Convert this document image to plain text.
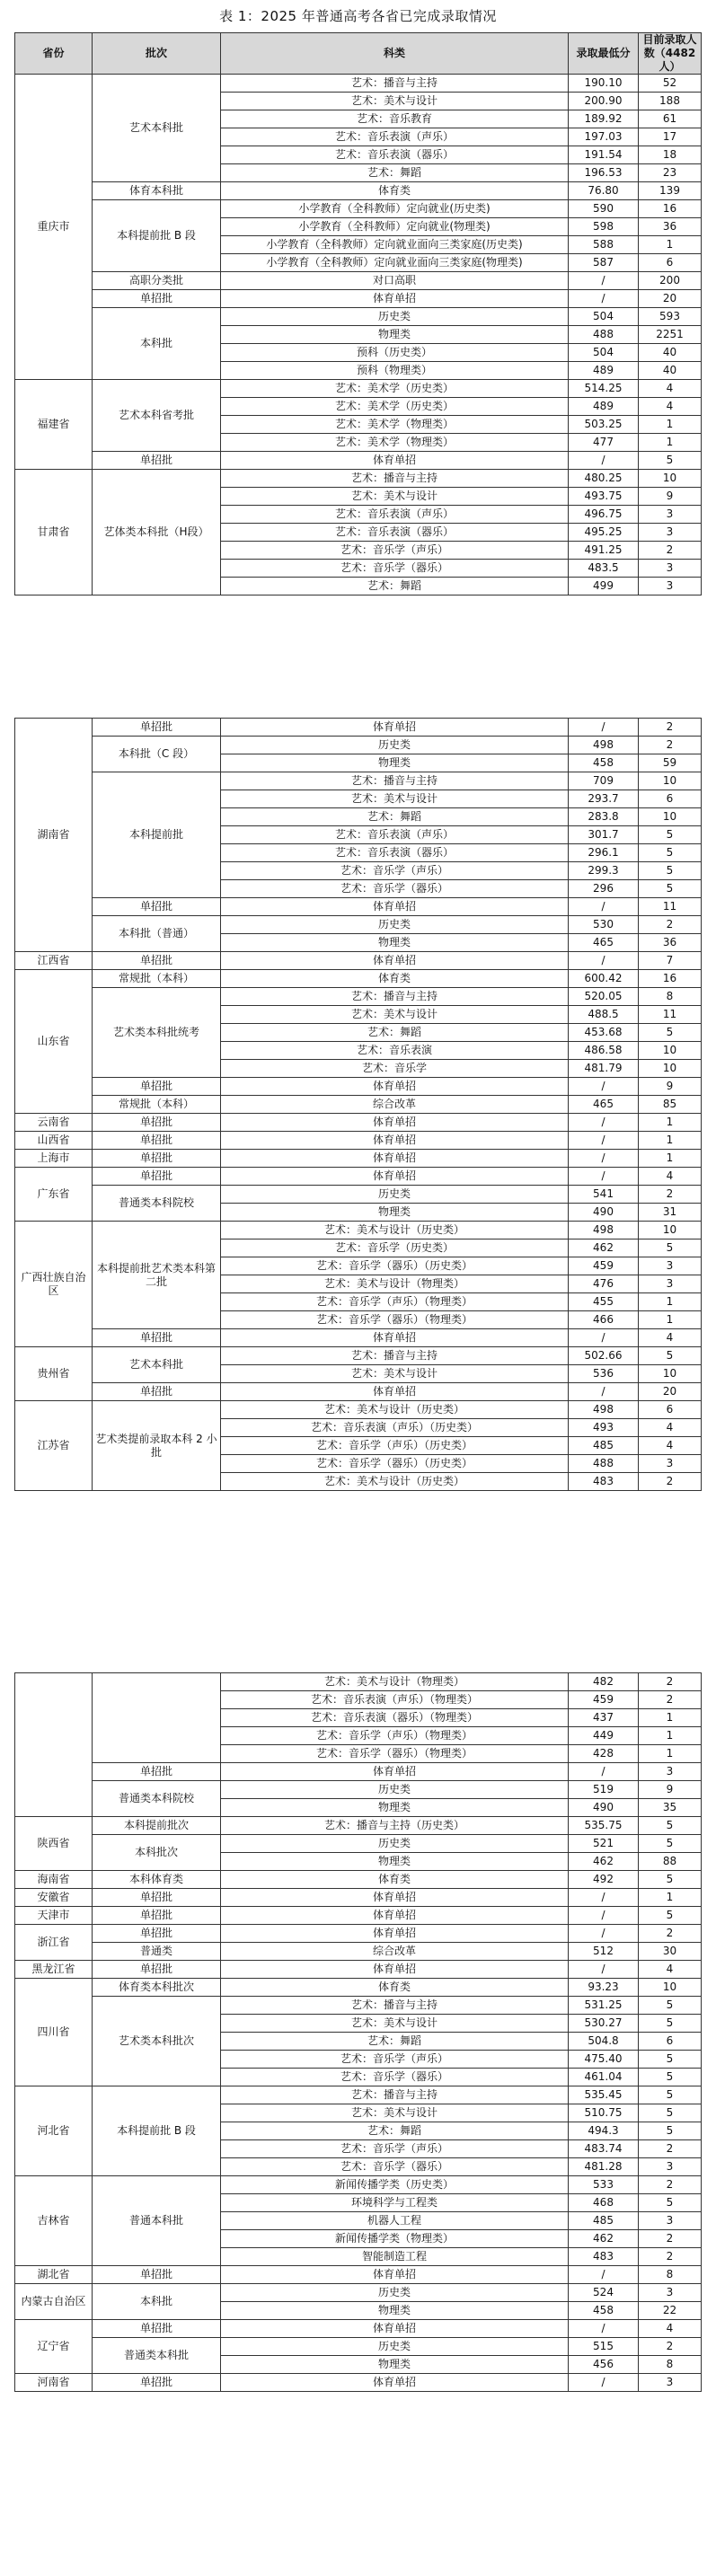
表 1：2025 年普通高考各省已完成录取情况
省份	批次	科类	录取最低分	目前录取人数（4482 人）
重庆市	艺术本科批	艺术：播音与主持	190.10	52
		艺术：美术与设计	200.90	188
		艺术：音乐教育	189.92	61
		艺术：音乐表演（声乐）	197.03	17
		艺术：音乐表演（器乐）	191.54	18
		艺术：舞蹈	196.53	23
	体育本科批	体育类	76.80	139
	本科提前批 B 段	小学教育（全科教师）定向就业(历史类)	590	16
		小学教育（全科教师）定向就业(物理类)	598	36
		小学教育（全科教师）定向就业面向三类家庭(历史类)	588	1
		小学教育（全科教师）定向就业面向三类家庭(物理类)	587	6
	高职分类批	对口高职	/	200
	单招批	体育单招	/	20
	本科批	历史类	504	593
		物理类	488	2251
		预科（历史类）	504	40
		预科（物理类）	489	40
福建省	艺术本科省考批	艺术：美术学（历史类）	514.25	4
		艺术：美术学（历史类）	489	4
		艺术：美术学（物理类）	503.25	1
		艺术：美术学（物理类）	477	1
	单招批	体育单招	/	5
甘肃省	艺体类本科批（H段）	艺术：播音与主持	480.25	10
		艺术：美术与设计	493.75	9
		艺术：音乐表演（声乐）	496.75	3
		艺术：音乐表演（器乐）	495.25	3
		艺术：音乐学（声乐）	491.25	2
		艺术：音乐学（器乐）	483.5	3
		艺术：舞蹈	499	3
湖南省	单招批	体育单招	/	2
	本科批（C 段）	历史类	498	2
		物理类	458	59
	本科提前批	艺术：播音与主持	709	10
		艺术：美术与设计	293.7	6
		艺术：舞蹈	283.8	10
		艺术：音乐表演（声乐）	301.7	5
		艺术：音乐表演（器乐）	296.1	5
		艺术：音乐学（声乐）	299.3	5
		艺术：音乐学（器乐）	296	5
	单招批	体育单招	/	11
	本科批（普通）	历史类	530	2
		物理类	465	36
江西省	单招批	体育单招	/	7
山东省	常规批（本科）	体育类	600.42	16
	艺术类本科批统考	艺术：播音与主持	520.05	8
		艺术：美术与设计	488.5	11
		艺术：舞蹈	453.68	5
		艺术：音乐表演	486.58	10
		艺术：音乐学	481.79	10
	单招批	体育单招	/	9
	常规批（本科）	综合改革	465	85
云南省	单招批	体育单招	/	1
山西省	单招批	体育单招	/	1
上海市	单招批	体育单招	/	1
广东省	单招批	体育单招	/	4
	普通类本科院校	历史类	541	2
		物理类	490	31
广西壮族自治区	本科提前批艺术类本科第二批	艺术：美术与设计（历史类）	498	10
		艺术：音乐学（历史类）	462	5
		艺术：音乐学（器乐）（历史类）	459	3
		艺术：美术与设计（物理类）	476	3
		艺术：音乐学（声乐）（物理类）	455	1
		艺术：音乐学（器乐）（物理类）	466	1
	单招批	体育单招	/	4
贵州省	艺术本科批	艺术：播音与主持	502.66	5
		艺术：美术与设计	536	10
	单招批	体育单招	/	20
江苏省	艺术类提前录取本科 2 小批	艺术：美术与设计（历史类）	498	6
		艺术：音乐表演（声乐）（历史类）	493	4
		艺术：音乐学（声乐）（历史类）	485	4
		艺术：音乐学（器乐）（历史类）	488	3
		艺术：美术与设计（历史类）	483	2
		艺术：美术与设计（物理类）	482	2
		艺术：音乐表演（声乐）（物理类）	459	2
		艺术：音乐表演（器乐）（物理类）	437	1
		艺术：音乐学（声乐）（物理类）	449	1
		艺术：音乐学（器乐）（物理类）	428	1
	单招批	体育单招	/	3
	普通类本科院校	历史类	519	9
		物理类	490	35
陕西省	本科提前批次	艺术：播音与主持（历史类）	535.75	5
	本科批次	历史类	521	5
		物理类	462	88
海南省	本科体育类	体育类	492	5
安徽省	单招批	体育单招	/	1
天津市	单招批	体育单招	/	5
浙江省	单招批	体育单招	/	2
	普通类	综合改革	512	30
黑龙江省	单招批	体育单招	/	4
四川省	体育类本科批次	体育类	93.23	10
	艺术类本科批次	艺术：播音与主持	531.25	5
		艺术：美术与设计	530.27	5
		艺术：舞蹈	504.8	6
		艺术：音乐学（声乐）	475.40	5
		艺术：音乐学（器乐）	461.04	5
河北省	本科提前批 B 段	艺术：播音与主持	535.45	5
		艺术：美术与设计	510.75	5
		艺术：舞蹈	494.3	5
		艺术：音乐学（声乐）	483.74	2
		艺术：音乐学（器乐）	481.28	3
吉林省	普通本科批	新闻传播学类（历史类）	533	2
		环境科学与工程类	468	5
		机器人工程	485	3
		新闻传播学类（物理类）	462	2
		智能制造工程	483	2
湖北省	单招批	体育单招	/	8
内蒙古自治区	本科批	历史类	524	3
		物理类	458	22
辽宁省	单招批	体育单招	/	4
	普通类本科批	历史类	515	2
		物理类	456	8
河南省	单招批	体育单招	/	3
